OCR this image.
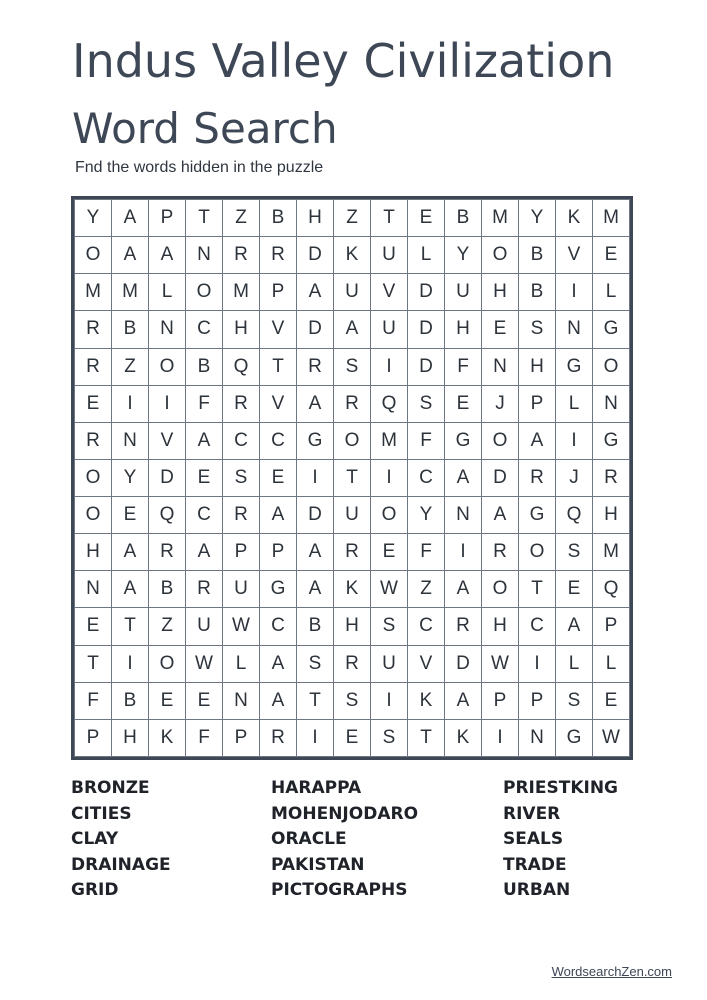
Indus Valley Civilization
Word Search
Fnd the words hidden in the puzzle
Y	A	P	T	Z	B	H	Z	T	E	B	M	Y	K	M
O	A	A	N	R	R	D	K	U	L	Y	O	B	V	E
M	M	L	O	M	P	A	U	V	D	U	H	B	I	L
R	B	N	C	H	V	D	A	U	D	H	E	S	N	G
R	Z	O	B	Q	T	R	S	I	D	F	N	H	G	O
E	I	I	F	R	V	A	R	Q	S	E	J	P	L	N
R	N	V	A	C	C	G	O	M	F	G	O	A	I	G
O	Y	D	E	S	E	I	T	I	C	A	D	R	J	R
O	E	Q	C	R	A	D	U	O	Y	N	A	G	Q	H
H	A	R	A	P	P	A	R	E	F	I	R	O	S	M
N	A	B	R	U	G	A	K	W	Z	A	O	T	E	Q
E	T	Z	U	W	C	B	H	S	C	R	H	C	A	P
T	I	O	W	L	A	S	R	U	V	D	W	I	L	L
F	B	E	E	N	A	T	S	I	K	A	P	P	S	E
P	H	K	F	P	R	I	E	S	T	K	I	N	G	W
BRONZE
CITIES
CLAY
DRAINAGE
GRID
HARAPPA
MOHENJODARO
ORACLE
PAKISTAN
PICTOGRAPHS
PRIESTKING
RIVER
SEALS
TRADE
URBAN
WordsearchZen.com
